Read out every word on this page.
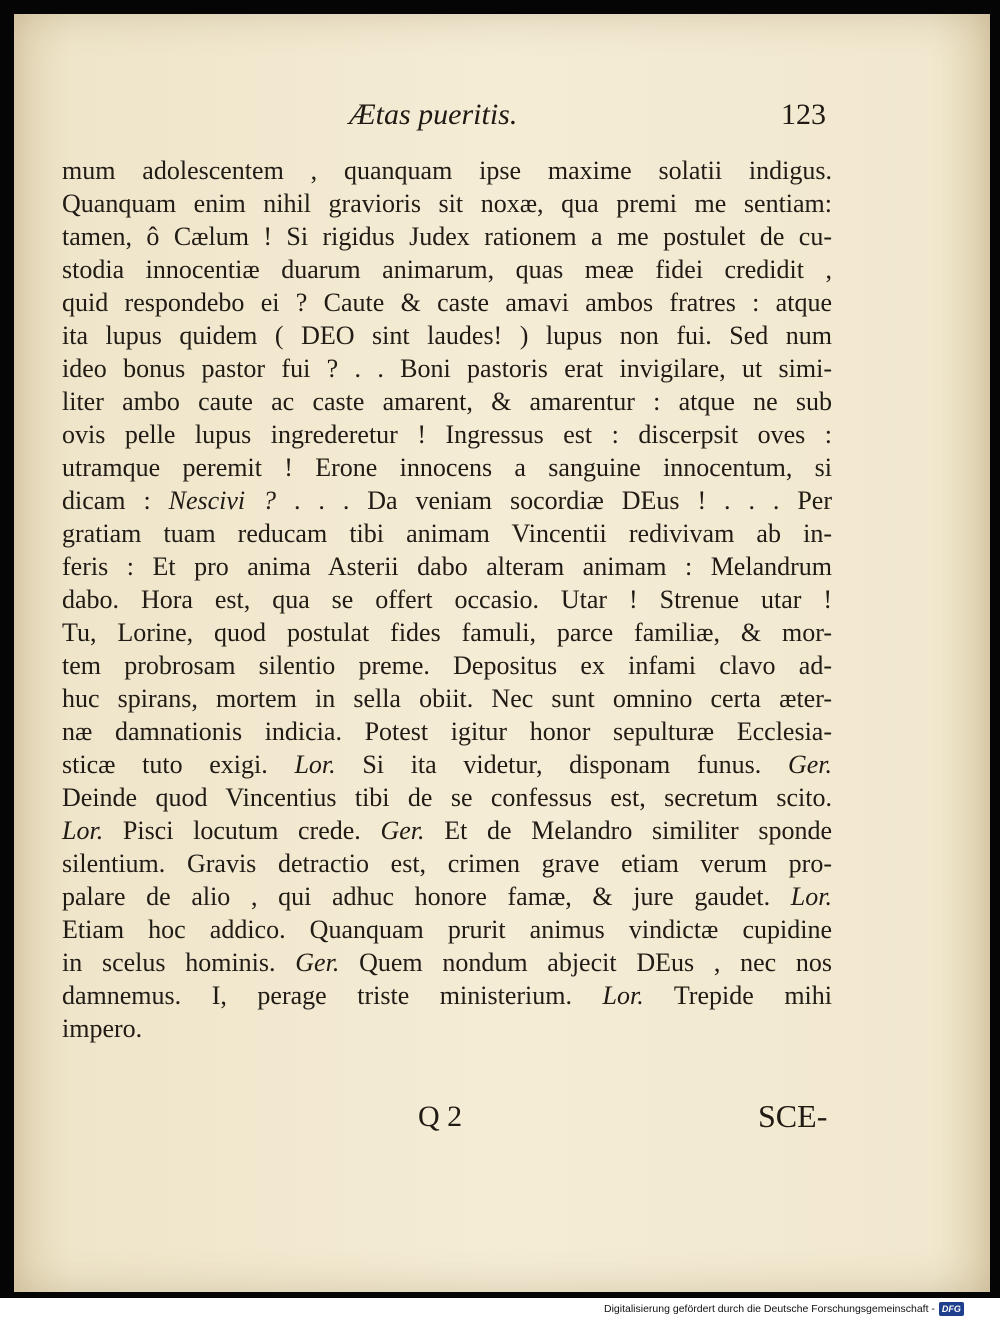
Ætas pueritis.	123
mum adolescentem , quanquam ipse maxime solatii indigus.
Quanquam enim nihil gravioris sit noxæ, qua premi me sentiam:
tamen, ô Cælum ! Si rigidus Judex rationem a me postulet de cu-
stodia innocentiæ duarum animarum, quas meæ fidei credidit ,
quid respondebo ei ? Caute & caste amavi ambos fratres : atque
ita lupus quidem ( DEO sint laudes! ) lupus non fui. Sed num
ideo bonus pastor fui ? . . Boni pastoris erat invigilare, ut simi-
liter ambo caute ac caste amarent, & amarentur : atque ne sub
ovis pelle lupus ingrederetur ! Ingressus est : discerpsit oves :
utramque peremit ! Erone innocens a sanguine innocentum, si
dicam : Nescivi ? . . . Da veniam socordiæ DEus ! . . . Per
gratiam tuam reducam tibi animam Vincentii redivivam ab in-
feris : Et pro anima Asterii dabo alteram animam : Melandrum
dabo. Hora est, qua se offert occasio. Utar ! Strenue utar !
Tu, Lorine, quod postulat fides famuli, parce familiæ, & mor-
tem probrosam silentio preme. Depositus ex infami clavo ad-
huc spirans, mortem in sella obiit. Nec sunt omnino certa æter-
næ damnationis indicia. Potest igitur honor sepulturæ Ecclesia-
sticæ tuto exigi. Lor. Si ita videtur, disponam funus. Ger.
Deinde quod Vincentius tibi de se confessus est, secretum scito.
Lor. Pisci locutum crede. Ger. Et de Melandro similiter sponde
silentium. Gravis detractio est, crimen grave etiam verum pro-
palare de alio , qui adhuc honore famæ, & jure gaudet. Lor.
Etiam hoc addico. Quanquam prurit animus vindictæ cupidine
in scelus hominis. Ger. Quem nondum abjecit DEus , nec nos
damnemus. I, perage triste ministerium. Lor. Trepide mihi
impero.
Q 2	SCE-
Digitalisierung gefördert durch die Deutsche Forschungsgemeinschaft - DFG
